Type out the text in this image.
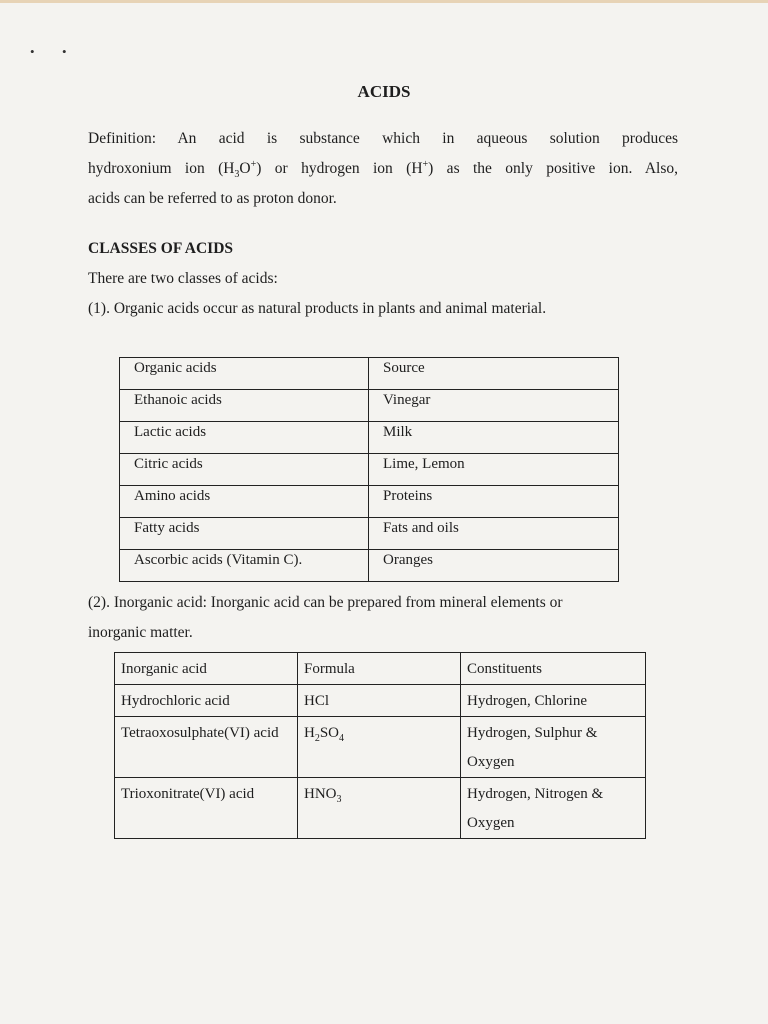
• •
ACIDS
Definition: An acid is substance which in aqueous solution produces
hydroxonium ion $(H_3O^+)$ or hydrogen ion (H+) as the only positive ion. Also,
acids can be referred to as proton donor.
CLASSES OF ACIDS
There are two classes of acids:
(1). Organic acids occur as natural products in plants and animal material.
Organic acids	Source
Ethanoic acids	Vinegar
Lactic acids	Milk
Citric acids	Lime, Lemon
Amino acids	Proteins
Fatty acids	Fats and oils
Ascorbic acids (Vitamin C).	Oranges
(2). Inorganic acid: Inorganic acid can be prepared from mineral elements or
inorganic matter.
Inorganic acid	Formula	Constituents
Hydrochloric acid	HCl	Hydrogen, Chlorine
Tetraoxosulphate(VI) acid	$H_2SO_4$	Hydrogen, Sulphur & Oxygen
Trioxonitrate(VI) acid	$HNO_3$	Hydrogen, Nitrogen & Oxygen
